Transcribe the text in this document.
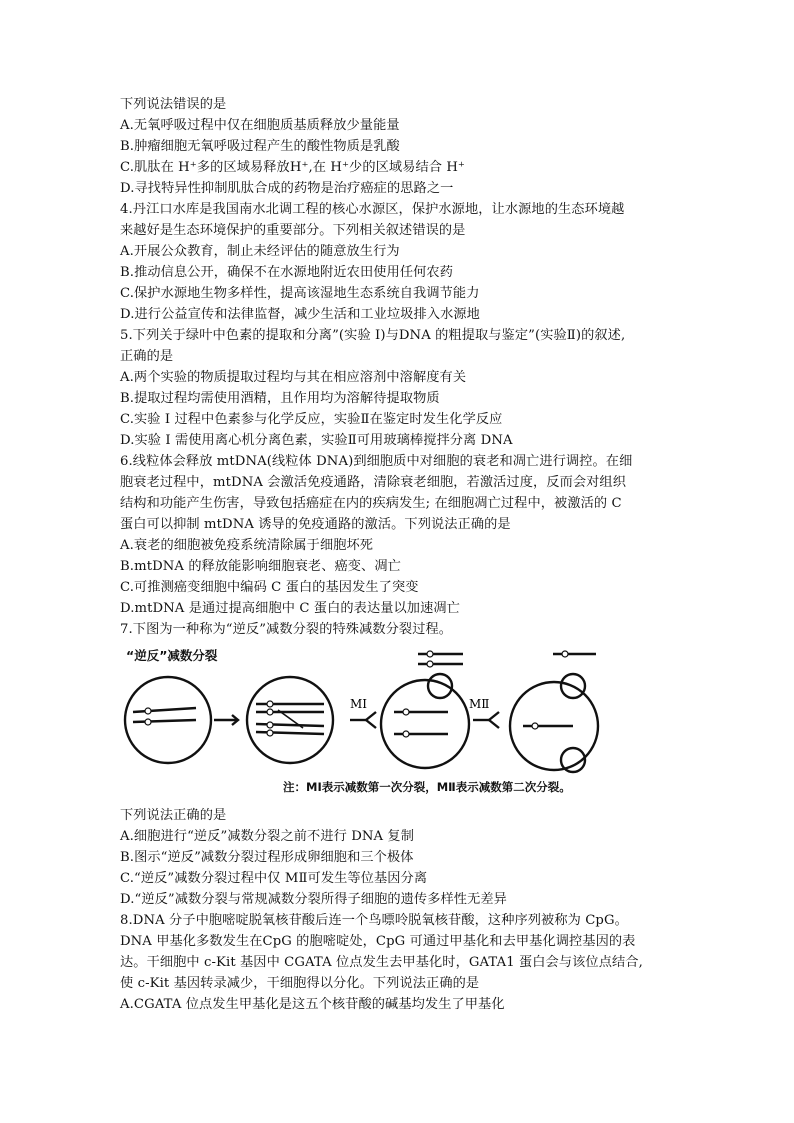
下列说法错误的是
A.无氧呼吸过程中仅在细胞质基质释放少量能量
B.肿瘤细胞无氧呼吸过程产生的酸性物质是乳酸
C.肌肽在 H⁺多的区域易释放H⁺,在 H⁺少的区域易结合 H⁺
D.寻找特异性抑制肌肽合成的药物是治疗癌症的思路之一
4.丹江口水库是我国南水北调工程的核心水源区，保护水源地，让水源地的生态环境越
来越好是生态环境保护的重要部分。下列相关叙述错误的是
A.开展公众教育，制止未经评估的随意放生行为
B.推动信息公开，确保不在水源地附近农田使用任何农药
C.保护水源地生物多样性，提高该湿地生态系统自我调节能力
D.进行公益宣传和法律监督，减少生活和工业垃圾排入水源地
5.下列关于绿叶中色素的提取和分离”(实验 I)与DNA 的粗提取与鉴定”(实验Ⅱ)的叙述,
正确的是
A.两个实验的物质提取过程均与其在相应溶剂中溶解度有关
B.提取过程均需使用酒精，且作用均为溶解待提取物质
C.实验 I 过程中色素参与化学反应，实验Ⅱ在鉴定时发生化学反应
D.实验 I 需使用离心机分离色素，实验Ⅱ可用玻璃棒搅拌分离 DNA
6.线粒体会释放 mtDNA(线粒体 DNA)到细胞质中对细胞的衰老和凋亡进行调控。在细
胞衰老过程中，mtDNA 会激活免疫通路，清除衰老细胞，若激活过度，反而会对组织
结构和功能产生伤害，导致包括癌症在内的疾病发生; 在细胞凋亡过程中，被激活的 C
蛋白可以抑制 mtDNA 诱导的免疫通路的激活。下列说法正确的是
A.衰老的细胞被免疫系统清除属于细胞坏死
B.mtDNA 的释放能影响细胞衰老、癌变、凋亡
C.可推测癌变细胞中编码 C 蛋白的基因发生了突变
D.mtDNA 是通过提高细胞中 C 蛋白的表达量以加速凋亡
7.下图为一种称为“逆反”减数分裂的特殊减数分裂过程。
“逆反”减数分裂
MⅠ	MⅡ
注：MⅠ表示减数第一次分裂，MⅡ表示减数第二次分裂。
下列说法正确的是
A.细胞进行“逆反”减数分裂之前不进行 DNA 复制
B.图示“逆反”减数分裂过程形成卵细胞和三个极体
C.“逆反”减数分裂过程中仅 MⅡ可发生等位基因分离
D.“逆反”减数分裂与常规减数分裂所得子细胞的遗传多样性无差异
8.DNA 分子中胞嘧啶脱氧核苷酸后连一个鸟嘌呤脱氧核苷酸，这种序列被称为 CpG。
DNA 甲基化多数发生在CpG 的胞嘧啶处，CpG 可通过甲基化和去甲基化调控基因的表
达。干细胞中 c-Kit 基因中 CGATA 位点发生去甲基化时，GATA1 蛋白会与该位点结合,
使 c-Kit 基因转录减少，干细胞得以分化。下列说法正确的是
A.CGATA 位点发生甲基化是这五个核苷酸的碱基均发生了甲基化
